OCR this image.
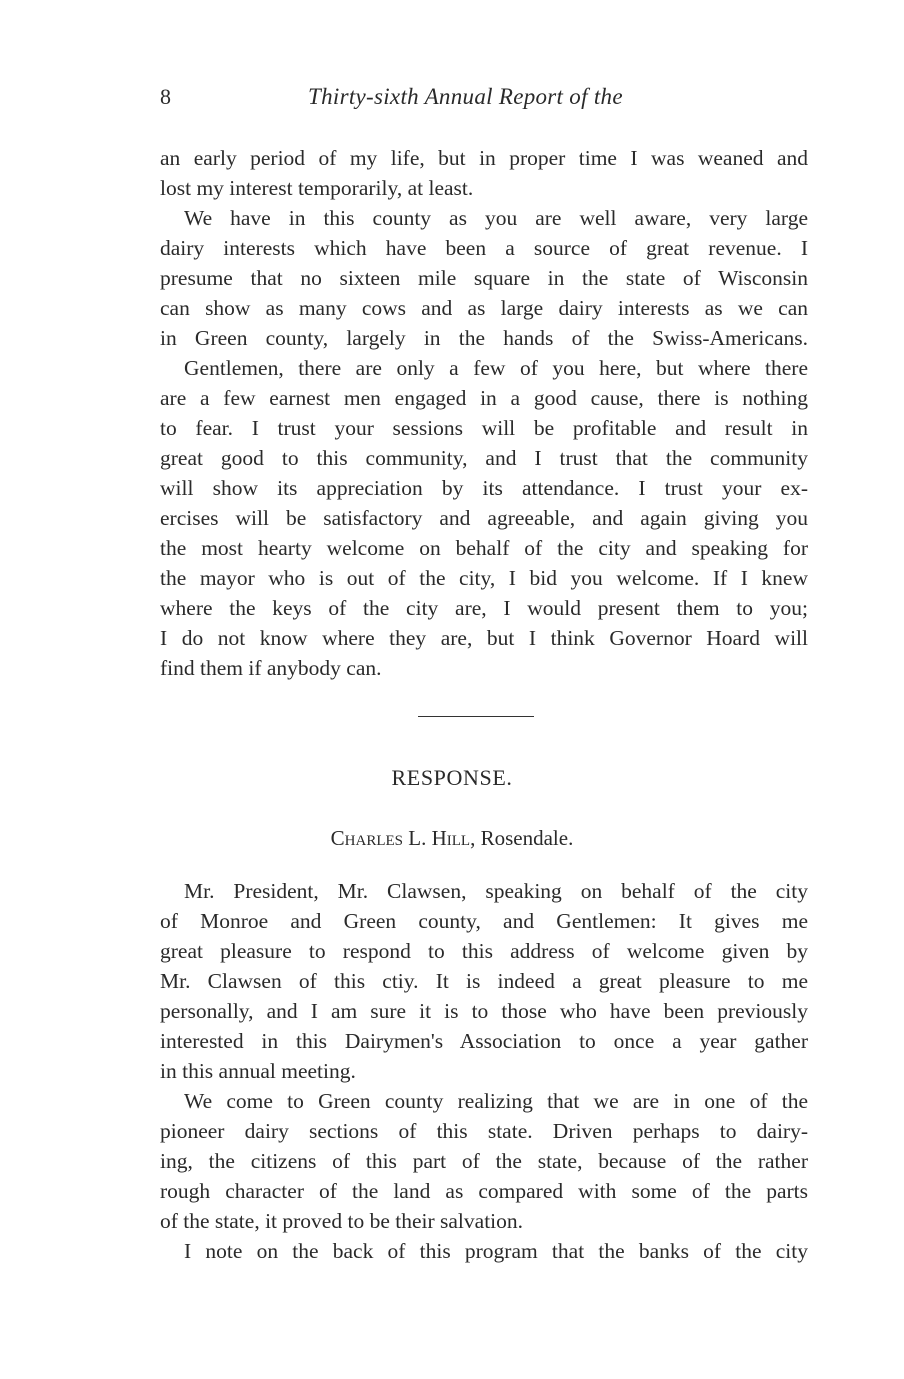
8	Thirty-sixth Annual Report of the
an early period of my life, but in proper time I was weaned and
lost my interest temporarily, at least.
We have in this county as you are well aware, very large
dairy interests which have been a source of great revenue. I
presume that no sixteen mile square in the state of Wisconsin
can show as many cows and as large dairy interests as we can
in Green county, largely in the hands of the Swiss-Americans.
Gentlemen, there are only a few of you here, but where there
are a few earnest men engaged in a good cause, there is nothing
to fear. I trust your sessions will be profitable and result in
great good to this community, and I trust that the community
will show its appreciation by its attendance. I trust your ex-
ercises will be satisfactory and agreeable, and again giving you
the most hearty welcome on behalf of the city and speaking for
the mayor who is out of the city, I bid you welcome. If I knew
where the keys of the city are, I would present them to you;
I do not know where they are, but I think Governor Hoard will
find them if anybody can.
RESPONSE.
Charles L. Hill, Rosendale.
Mr. President, Mr. Clawsen, speaking on behalf of the city
of Monroe and Green county, and Gentlemen: It gives me
great pleasure to respond to this address of welcome given by
Mr. Clawsen of this ctiy. It is indeed a great pleasure to me
personally, and I am sure it is to those who have been previously
interested in this Dairymen's Association to once a year gather
in this annual meeting.
We come to Green county realizing that we are in one of the
pioneer dairy sections of this state. Driven perhaps to dairy-
ing, the citizens of this part of the state, because of the rather
rough character of the land as compared with some of the parts
of the state, it proved to be their salvation.
I note on the back of this program that the banks of the city
